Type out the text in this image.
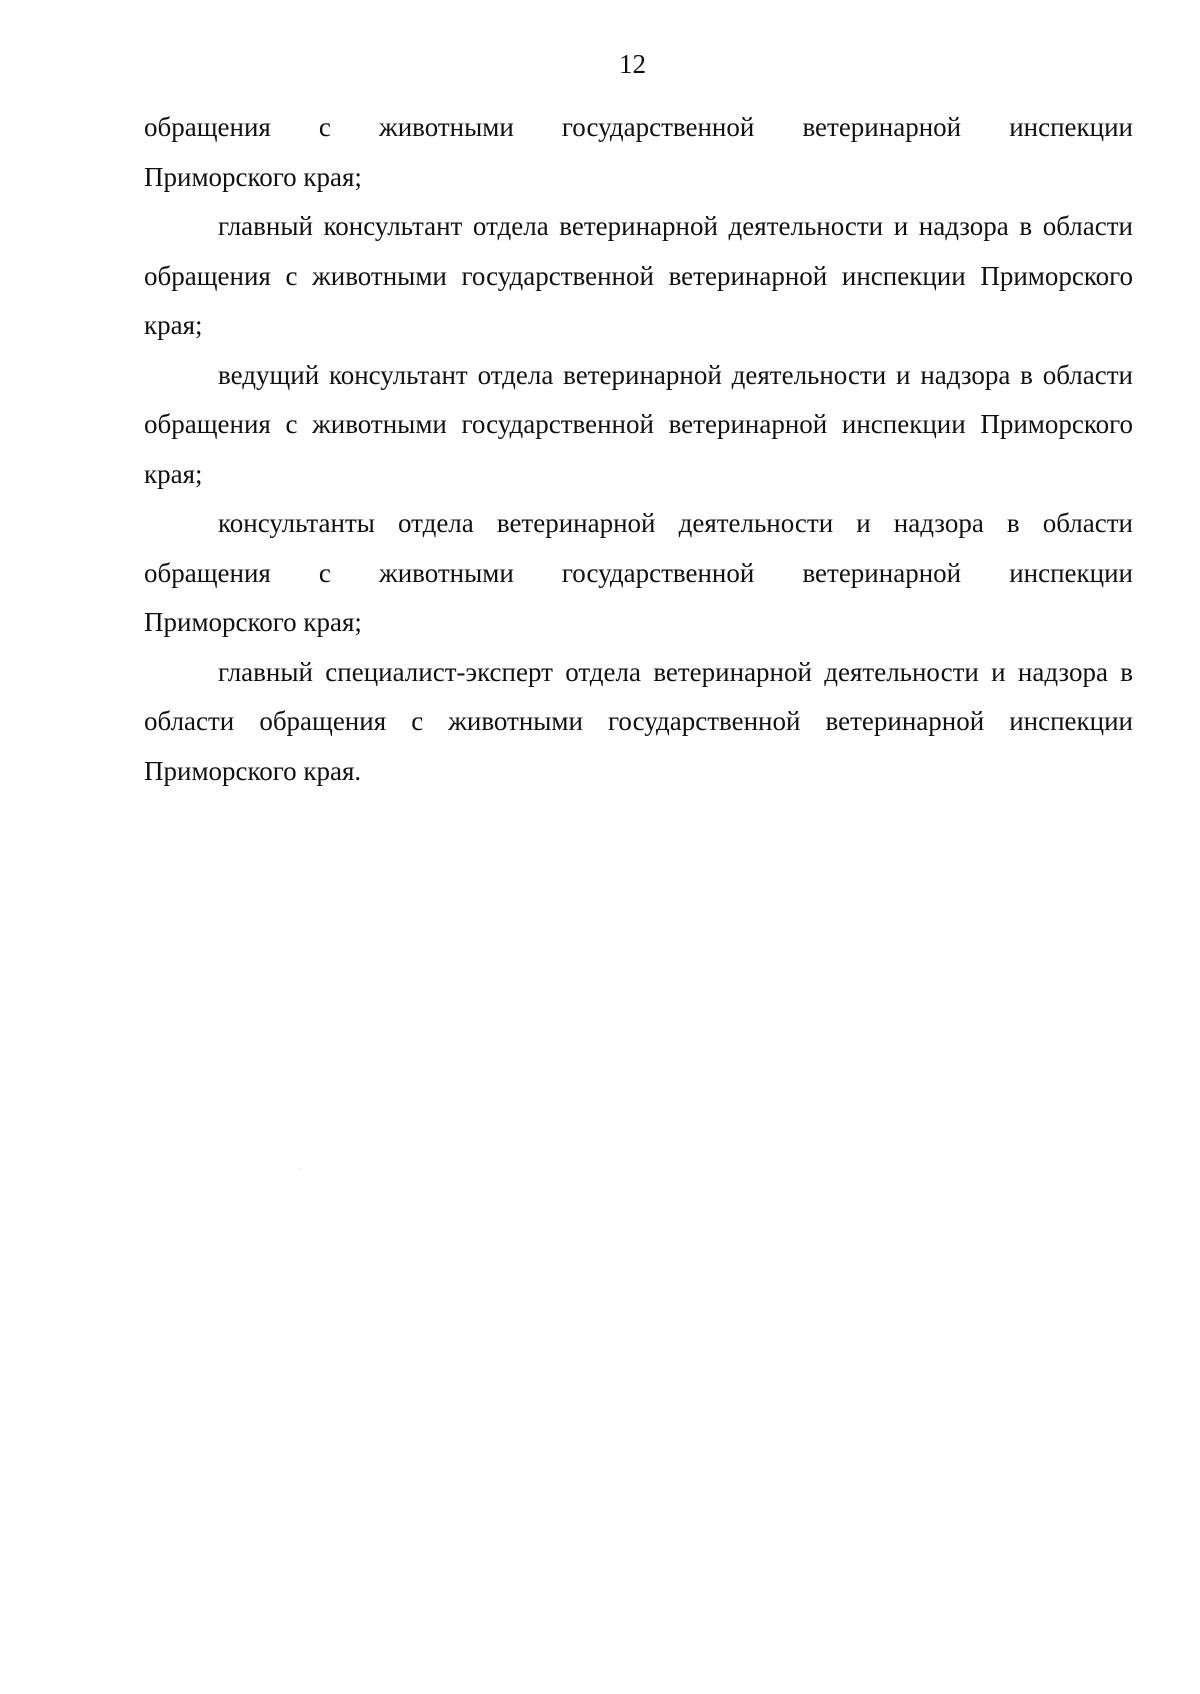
12
обращения с животными государственной ветеринарной инспекции
Приморского края;

главный консультант отдела ветеринарной деятельности и надзора в области обращения с животными государственной ветеринарной инспекции Приморского края;

ведущий консультант отдела ветеринарной деятельности и надзора в области обращения с животными государственной ветеринарной инспекции Приморского края;

консультанты отдела ветеринарной деятельности и надзора в области
обращения с животными государственной ветеринарной инспекции
Приморского края;

главный специалист-эксперт отдела ветеринарной деятельности и надзора в области обращения с животными государственной ветеринарной инспекции Приморского края.
